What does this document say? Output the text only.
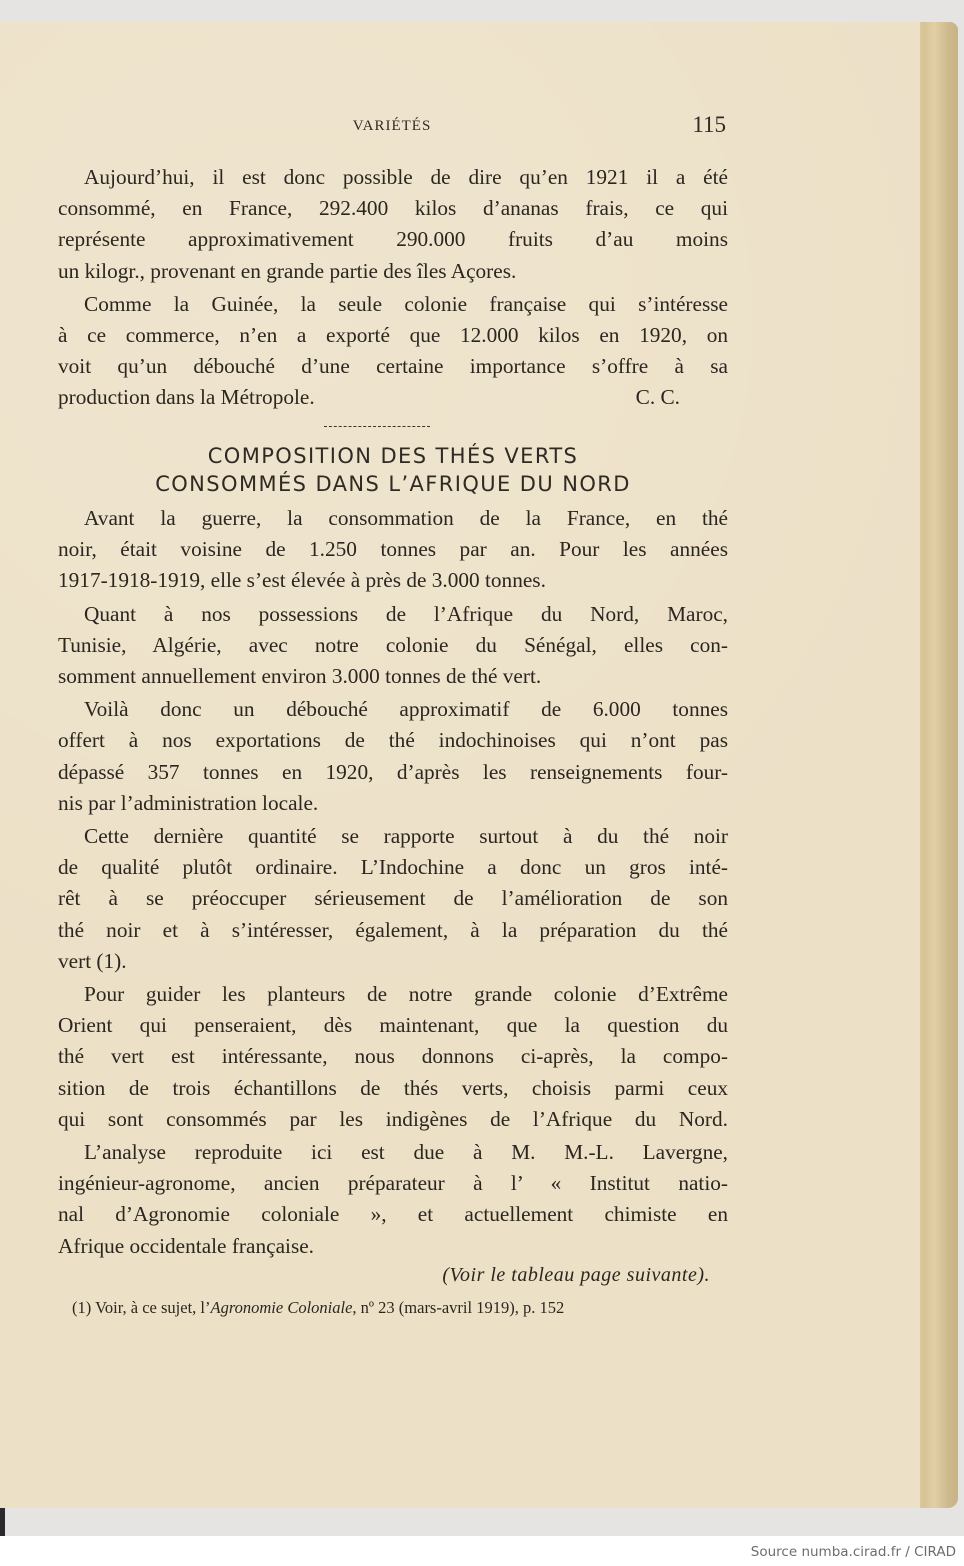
VARIÉTÉS	115
Aujourd’hui, il est donc possible de dire qu’en 1921 il a été
consommé, en France, 292.400 kilos d’ananas frais, ce qui
représente approximativement 290.000 fruits d’au moins
un kilogr., provenant en grande partie des îles Açores.
Comme la Guinée, la seule colonie française qui s’intéresse
à ce commerce, n’en a exporté que 12.000 kilos en 1920, on
voit qu’un débouché d’une certaine importance s’offre à sa
production dans la Métropole.	C. C.
COMPOSITION DES THÉS VERTS
CONSOMMÉS DANS L’AFRIQUE DU NORD
Avant la guerre, la consommation de la France, en thé
noir, était voisine de 1.250 tonnes par an. Pour les années
1917-1918-1919, elle s’est élevée à près de 3.000 tonnes.
Quant à nos possessions de l’Afrique du Nord, Maroc,
Tunisie, Algérie, avec notre colonie du Sénégal, elles con-
somment annuellement environ 3.000 tonnes de thé vert.
Voilà donc un débouché approximatif de 6.000 tonnes
offert à nos exportations de thé indochinoises qui n’ont pas
dépassé 357 tonnes en 1920, d’après les renseignements four-
nis par l’administration locale.
Cette dernière quantité se rapporte surtout à du thé noir
de qualité plutôt ordinaire. L’Indochine a donc un gros inté-
rêt à se préoccuper sérieusement de l’amélioration de son
thé noir et à s’intéresser, également, à la préparation du thé
vert (1).
Pour guider les planteurs de notre grande colonie d’Extrême
Orient qui penseraient, dès maintenant, que la question du
thé vert est intéressante, nous donnons ci-après, la compo-
sition de trois échantillons de thés verts, choisis parmi ceux
qui sont consommés par les indigènes de l’Afrique du Nord.
L’analyse reproduite ici est due à M. M.-L. Lavergne,
ingénieur-agronome, ancien préparateur à l’ « Institut natio-
nal d’Agronomie coloniale », et actuellement chimiste en
Afrique occidentale française.
(Voir le tableau page suivante).
(1) Voir, à ce sujet, l’Agronomie Coloniale, nº 23 (mars-avril 1919), p. 152
Source numba.cirad.fr / CIRAD
